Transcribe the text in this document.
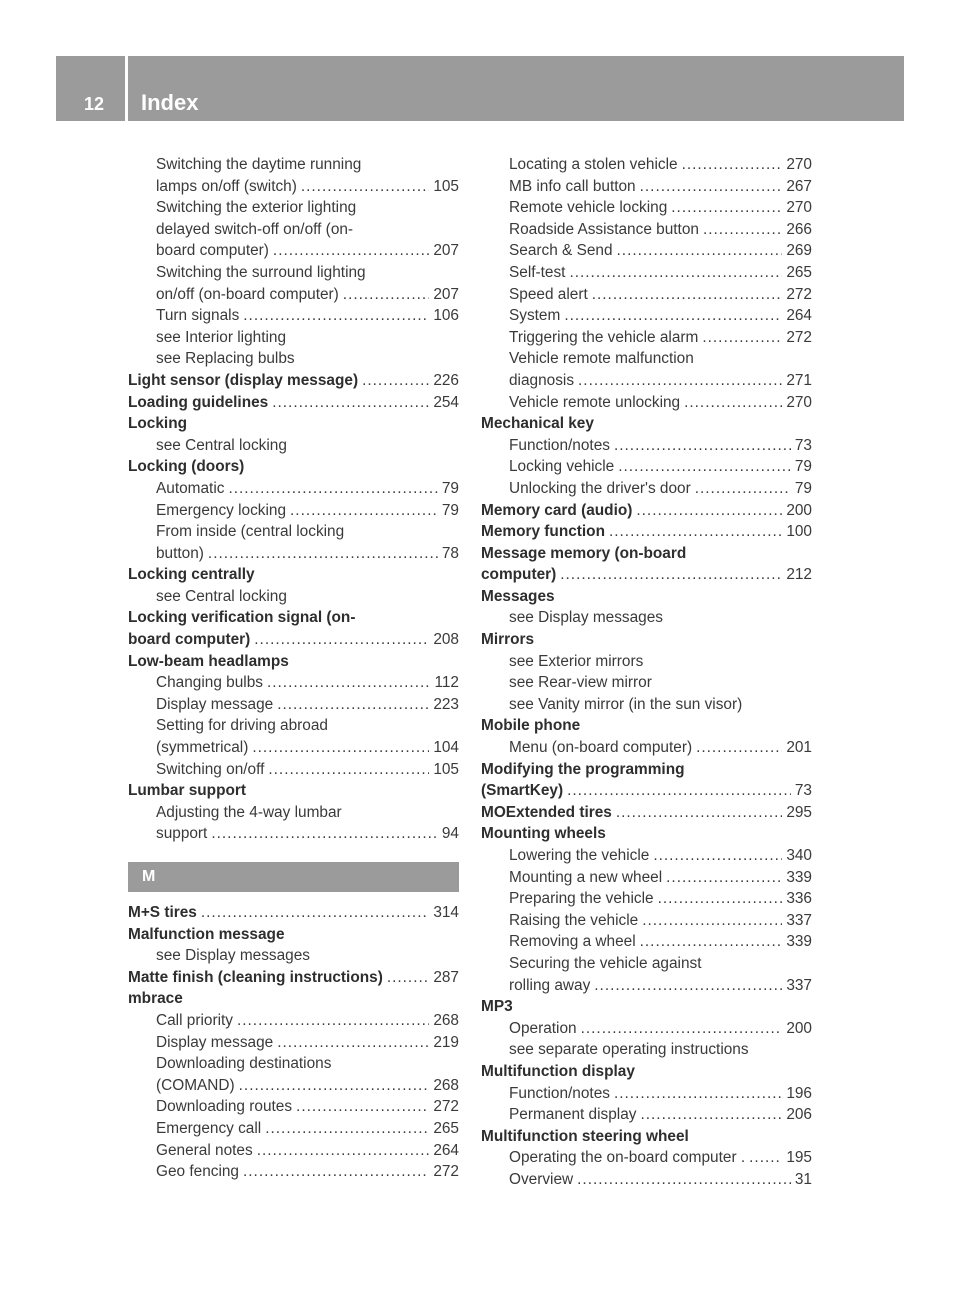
12 Index
Switching the daytime running
lamps on/off (switch) .....	105
Switching the exterior lighting
delayed switch-off on/off (on-
board computer) .....	207
Switching the surround lighting
on/off (on-board computer) .....	207
Turn signals .....	106
see Interior lighting
see Replacing bulbs
Light sensor (display message) .....	226
Loading guidelines .....	254
Locking
see Central locking
Locking (doors)
Automatic .....	79
Emergency locking .....	79
From inside (central locking
button) .....	78
Locking centrally
see Central locking
Locking verification signal (on-
board computer) .....	208
Low-beam headlamps
Changing bulbs .....	112
Display message .....	223
Setting for driving abroad
(symmetrical) .....	104
Switching on/off .....	105
Lumbar support
Adjusting the 4-way lumbar
support .....	94
M
M+S tires .....	314
Malfunction message
see Display messages
Matte finish (cleaning instructions) .....	287
mbrace
Call priority .....	268
Display message .....	219
Downloading destinations
(COMAND) .....	268
Downloading routes .....	272
Emergency call .....	265
General notes .....	264
Geo fencing .....	272
Locating a stolen vehicle .....	270
MB info call button .....	267
Remote vehicle locking .....	270
Roadside Assistance button .....	266
Search & Send .....	269
Self-test .....	265
Speed alert .....	272
System .....	264
Triggering the vehicle alarm .....	272
Vehicle remote malfunction
diagnosis .....	271
Vehicle remote unlocking .....	270
Mechanical key
Function/notes .....	73
Locking vehicle .....	79
Unlocking the driver's door .....	79
Memory card (audio) .....	200
Memory function .....	100
Message memory (on-board
computer) .....	212
Messages
see Display messages
Mirrors
see Exterior mirrors
see Rear-view mirror
see Vanity mirror (in the sun visor)
Mobile phone
Menu (on-board computer) .....	201
Modifying the programming
(SmartKey) .....	73
MOExtended tires .....	295
Mounting wheels
Lowering the vehicle .....	340
Mounting a new wheel .....	339
Preparing the vehicle .....	336
Raising the vehicle .....	337
Removing a wheel .....	339
Securing the vehicle against
rolling away .....	337
MP3
Operation .....	200
see separate operating instructions
Multifunction display
Function/notes .....	196
Permanent display .....	206
Multifunction steering wheel
Operating the on-board computer . .....	195
Overview .....	31
